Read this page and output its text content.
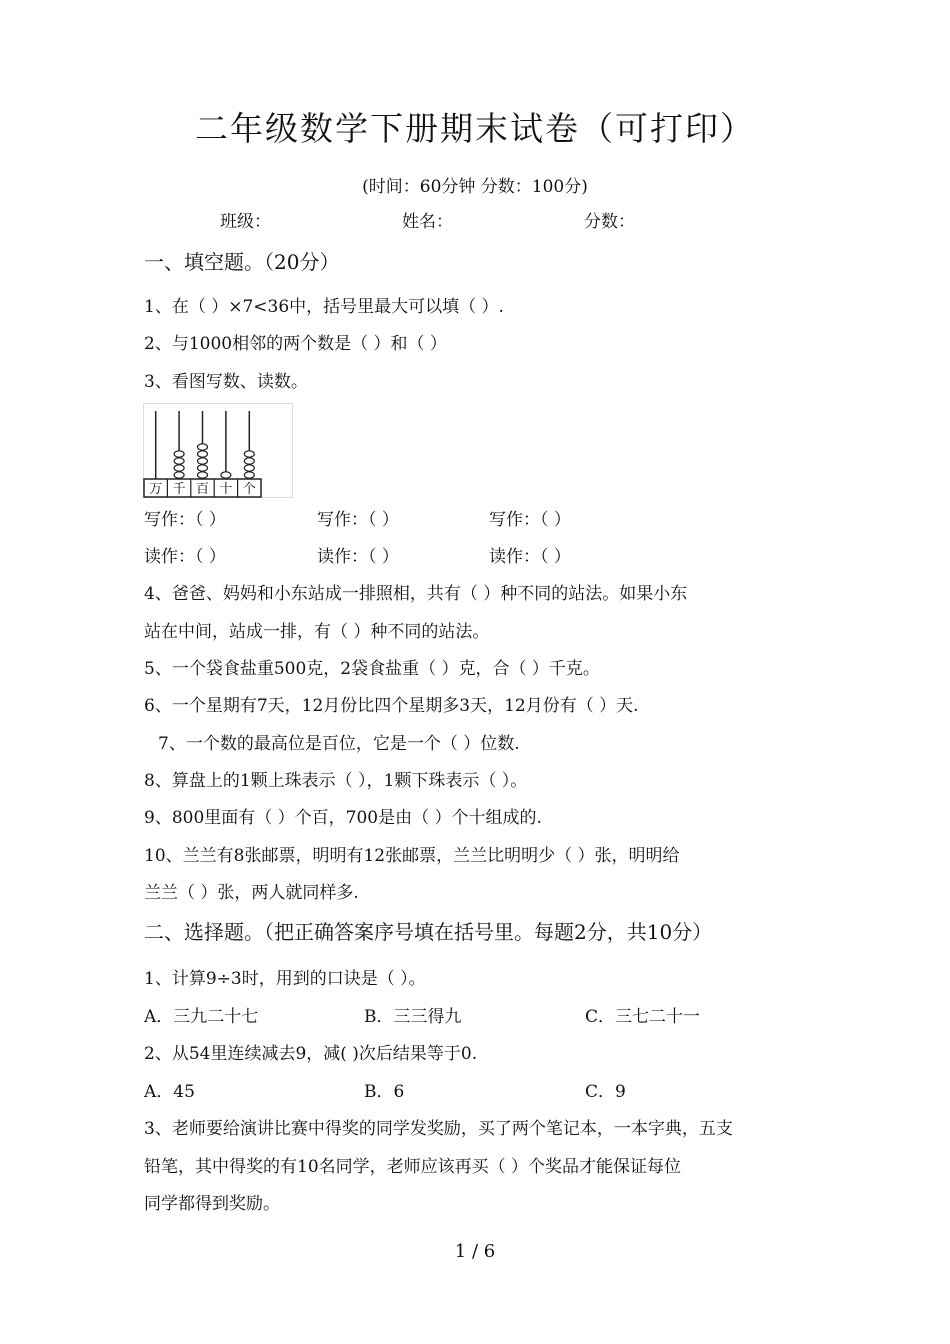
二年级数学下册期末试卷（可打印）
(时间：60分钟 分数：100分)
班级：	姓名：	分数：
一、填空题。（20分）
1、在（ ）×7<36中，括号里最大可以填（ ）.
2、与1000相邻的两个数是（ ）和（ ）
3、看图写数、读数。
万 千 百 十 个
写作：（ ）	写作：（ ）	写作：（ ）
读作：（ ）	读作：（ ）	读作：（ ）
4、爸爸、妈妈和小东站成一排照相，共有（ ）种不同的站法。如果小东
站在中间，站成一排，有（ ）种不同的站法。
5、一个袋食盐重500克，2袋食盐重（ ）克，合（ ）千克。
6、一个星期有7天，12月份比四个星期多3天，12月份有（ ）天.
7、一个数的最高位是百位，它是一个（ ）位数.
8、算盘上的1颗上珠表示（ ），1颗下珠表示（ ）。
9、800里面有（ ）个百，700是由（ ）个十组成的.
10、兰兰有8张邮票，明明有12张邮票，兰兰比明明少（ ）张，明明给
兰兰（ ）张，两人就同样多.
二、选择题。（把正确答案序号填在括号里。每题2分，共10分）
1、计算9÷3时，用到的口诀是（ ）。
A．三九二十七	B．三三得九	C．三七二十一
2、从54里连续减去9，减( )次后结果等于0.
A．45	B．6	C．9
3、老师要给演讲比赛中得奖的同学发奖励，买了两个笔记本，一本字典，五支
铅笔，其中得奖的有10名同学，老师应该再买（ ）个奖品才能保证每位
同学都得到奖励。
1 / 6
